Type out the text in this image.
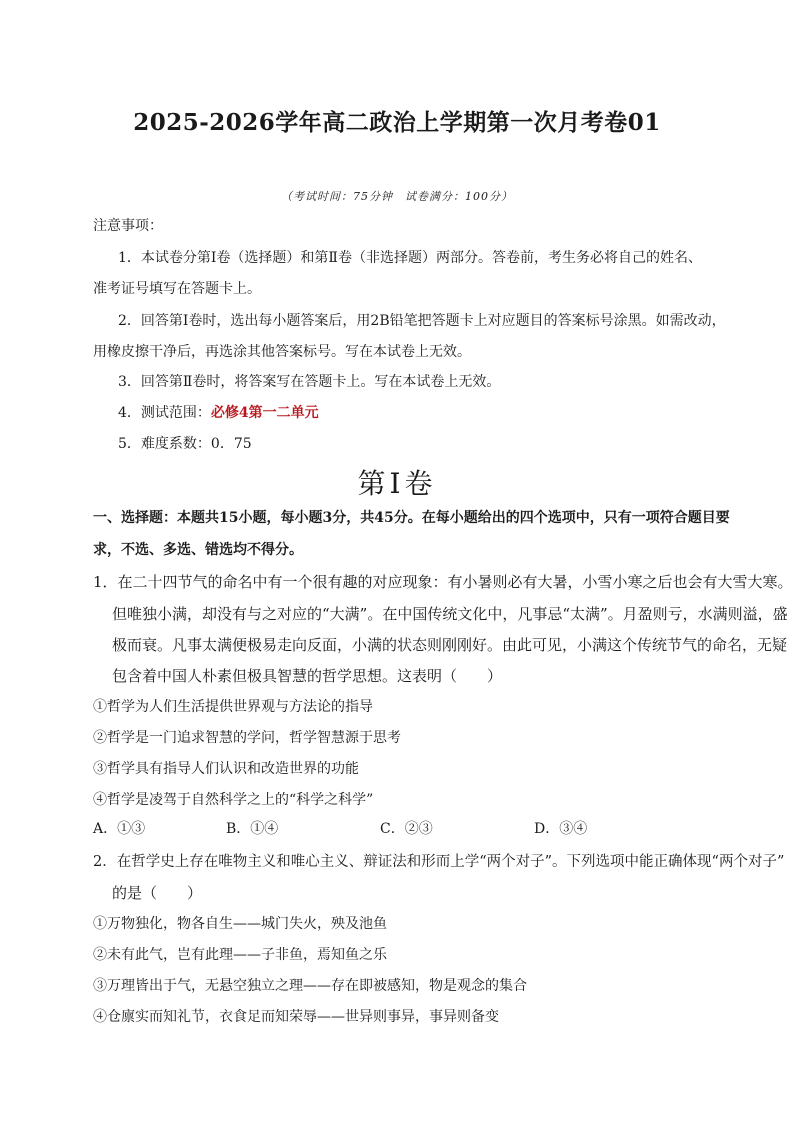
2025-2026学年高二政治上学期第一次月考卷01
（考试时间：75分钟　试卷满分：100分）
注意事项：
1．本试卷分第Ⅰ卷（选择题）和第Ⅱ卷（非选择题）两部分。答卷前，考生务必将自己的姓名、
准考证号填写在答题卡上。
2．回答第Ⅰ卷时，选出每小题答案后，用2B铅笔把答题卡上对应题目的答案标号涂黑。如需改动，
用橡皮擦干净后，再选涂其他答案标号。写在本试卷上无效。
3．回答第Ⅱ卷时，将答案写在答题卡上。写在本试卷上无效。
4．测试范围：必修4第一二单元
5．难度系数：0．75
第Ⅰ卷
一、选择题：本题共15小题，每小题3分，共45分。在每小题给出的四个选项中，只有一项符合题目要
求，不选、多选、错选均不得分。
1．在二十四节气的命名中有一个很有趣的对应现象：有小暑则必有大暑，小雪小寒之后也会有大雪大寒。
但唯独小满，却没有与之对应的“大满”。在中国传统文化中，凡事忌“太满”。月盈则亏，水满则溢，盛
极而衰。凡事太满便极易走向反面，小满的状态则刚刚好。由此可见，小满这个传统节气的命名，无疑
包含着中国人朴素但极具智慧的哲学思想。这表明（　　）
①哲学为人们生活提供世界观与方法论的指导
②哲学是一门追求智慧的学问，哲学智慧源于思考
③哲学具有指导人们认识和改造世界的功能
④哲学是凌驾于自然科学之上的“科学之科学”
A．①③	B．①④	C．②③	D．③④
2．在哲学史上存在唯物主义和唯心主义、辩证法和形而上学“两个对子”。下列选项中能正确体现“两个对子”
的是（　　）
①万物独化，物各自生——城门失火，殃及池鱼
②未有此气，岂有此理——子非鱼，焉知鱼之乐
③万理皆出于气，无悬空独立之理——存在即被感知，物是观念的集合
④仓廪实而知礼节，衣食足而知荣辱——世异则事异，事异则备变
